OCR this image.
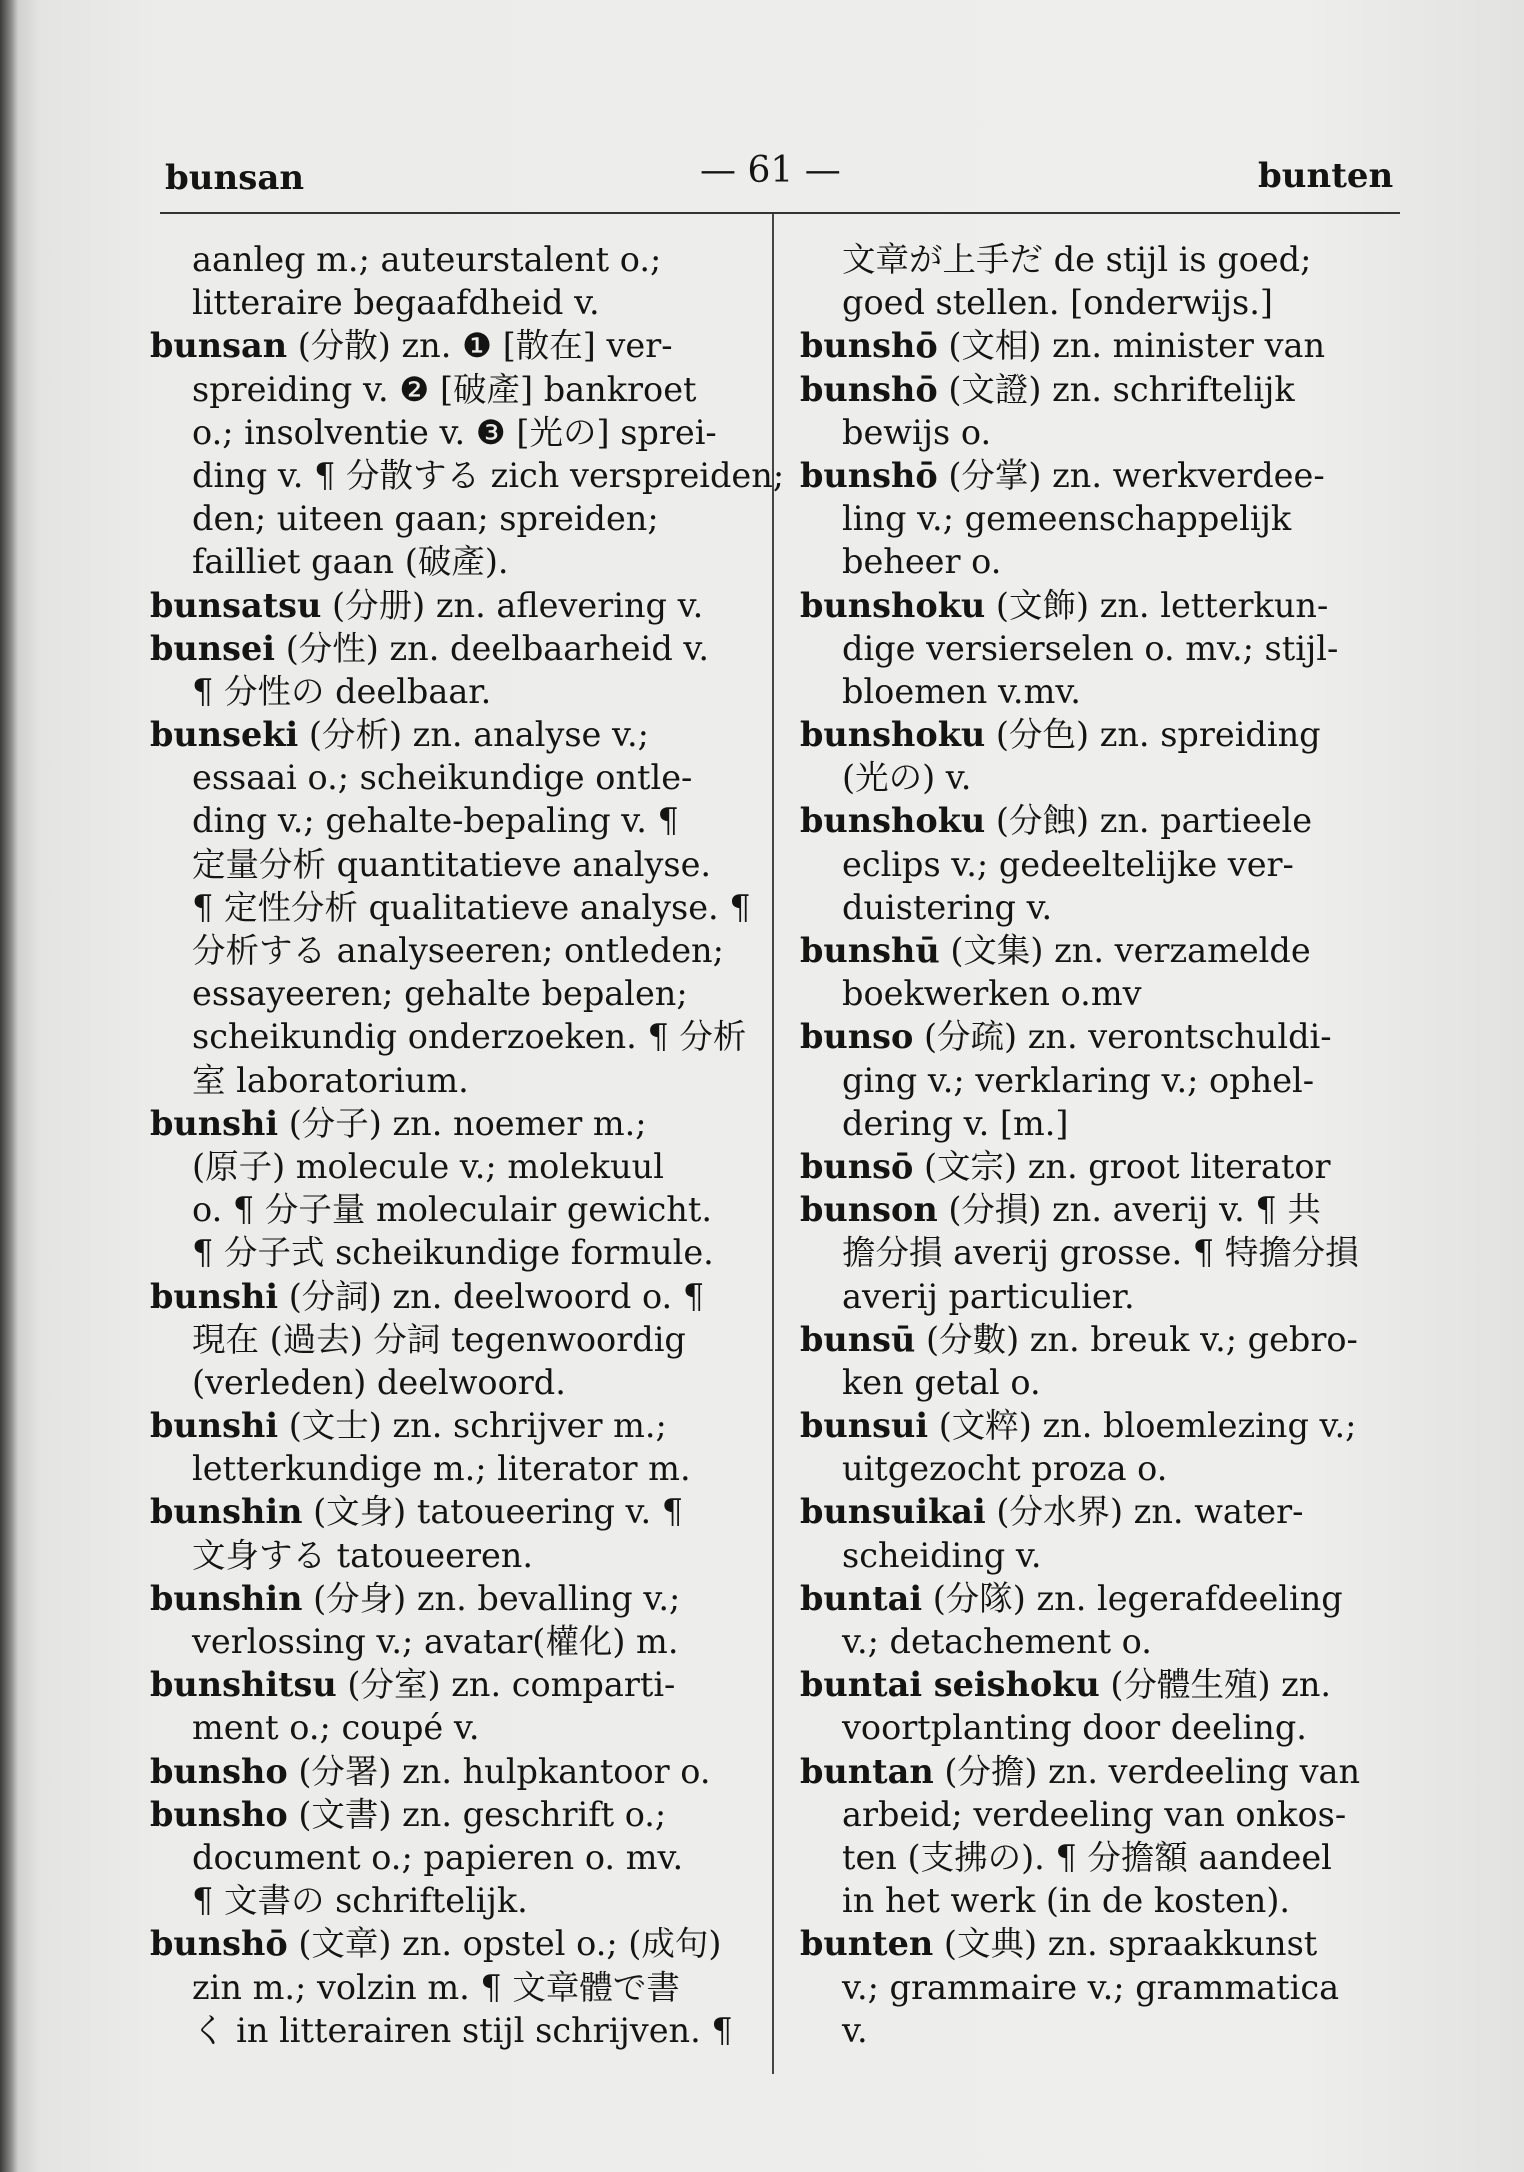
bunsan	— 61 —	bunten
aanleg m.; auteurstalent o.;
litteraire begaafdheid v.
bunsan (分散) zn. ❶ [散在] ver-
spreiding v. ❷ [破產] bankroet
o.; insolventie v. ❸ [光の] sprei-
ding v. ¶ 分散する zich verspreiden;
den; uiteen gaan; spreiden;
failliet gaan (破產).
bunsatsu (分册) zn. aflevering v.
bunsei (分性) zn. deelbaarheid v.
¶ 分性の deelbaar.
bunseki (分析) zn. analyse v.;
essaai o.; scheikundige ontle-
ding v.; gehalte-bepaling v. ¶
定量分析 quantitatieve analyse.
¶ 定性分析 qualitatieve analyse. ¶
分析する analyseeren; ontleden;
essayeeren; gehalte bepalen;
scheikundig onderzoeken. ¶ 分析
室 laboratorium.
bunshi (分子) zn. noemer m.;
(原子) molecule v.; molekuul
o. ¶ 分子量 moleculair gewicht.
¶ 分子式 scheikundige formule.
bunshi (分詞) zn. deelwoord o. ¶
現在 (過去) 分詞 tegenwoordig
(verleden) deelwoord.
bunshi (文士) zn. schrijver m.;
letterkundige m.; literator m.
bunshin (文身) tatoueering v. ¶
文身する tatoueeren.
bunshin (分身) zn. bevalling v.;
verlossing v.; avatar(權化) m.
bunshitsu (分室) zn. comparti-
ment o.; coupé v.
bunsho (分署) zn. hulpkantoor o.
bunsho (文書) zn. geschrift o.;
document o.; papieren o. mv.
¶ 文書の schriftelijk.
bunshō (文章) zn. opstel o.; (成句)
zin m.; volzin m. ¶ 文章體で書
く in litterairen stijl schrijven. ¶
文章が上手だ de stijl is goed;
goed stellen. [onderwijs.]
bunshō (文相) zn. minister van
bunshō (文證) zn. schriftelijk
bewijs o.
bunshō (分掌) zn. werkverdee-
ling v.; gemeenschappelijk
beheer o.
bunshoku (文飾) zn. letterkun-
dige versierselen o. mv.; stijl-
bloemen v.mv.
bunshoku (分色) zn. spreiding
(光の) v.
bunshoku (分蝕) zn. partieele
eclips v.; gedeeltelijke ver-
duistering v.
bunshū (文集) zn. verzamelde
boekwerken o.mv
bunso (分疏) zn. verontschuldi-
ging v.; verklaring v.; ophel-
dering v. [m.]
bunsō (文宗) zn. groot literator
bunson (分損) zn. averij v. ¶ 共
擔分損 averij grosse. ¶ 特擔分損
averij particulier.
bunsū (分數) zn. breuk v.; gebro-
ken getal o.
bunsui (文粹) zn. bloemlezing v.;
uitgezocht proza o.
bunsuikai (分水界) zn. water-
scheiding v.
buntai (分隊) zn. legerafdeeling
v.; detachement o.
buntai seishoku (分體生殖) zn.
voortplanting door deeling.
buntan (分擔) zn. verdeeling van
arbeid; verdeeling van onkos-
ten (支拂の). ¶ 分擔額 aandeel
in het werk (in de kosten).
bunten (文典) zn. spraakkunst
v.; grammaire v.; grammatica
v.
